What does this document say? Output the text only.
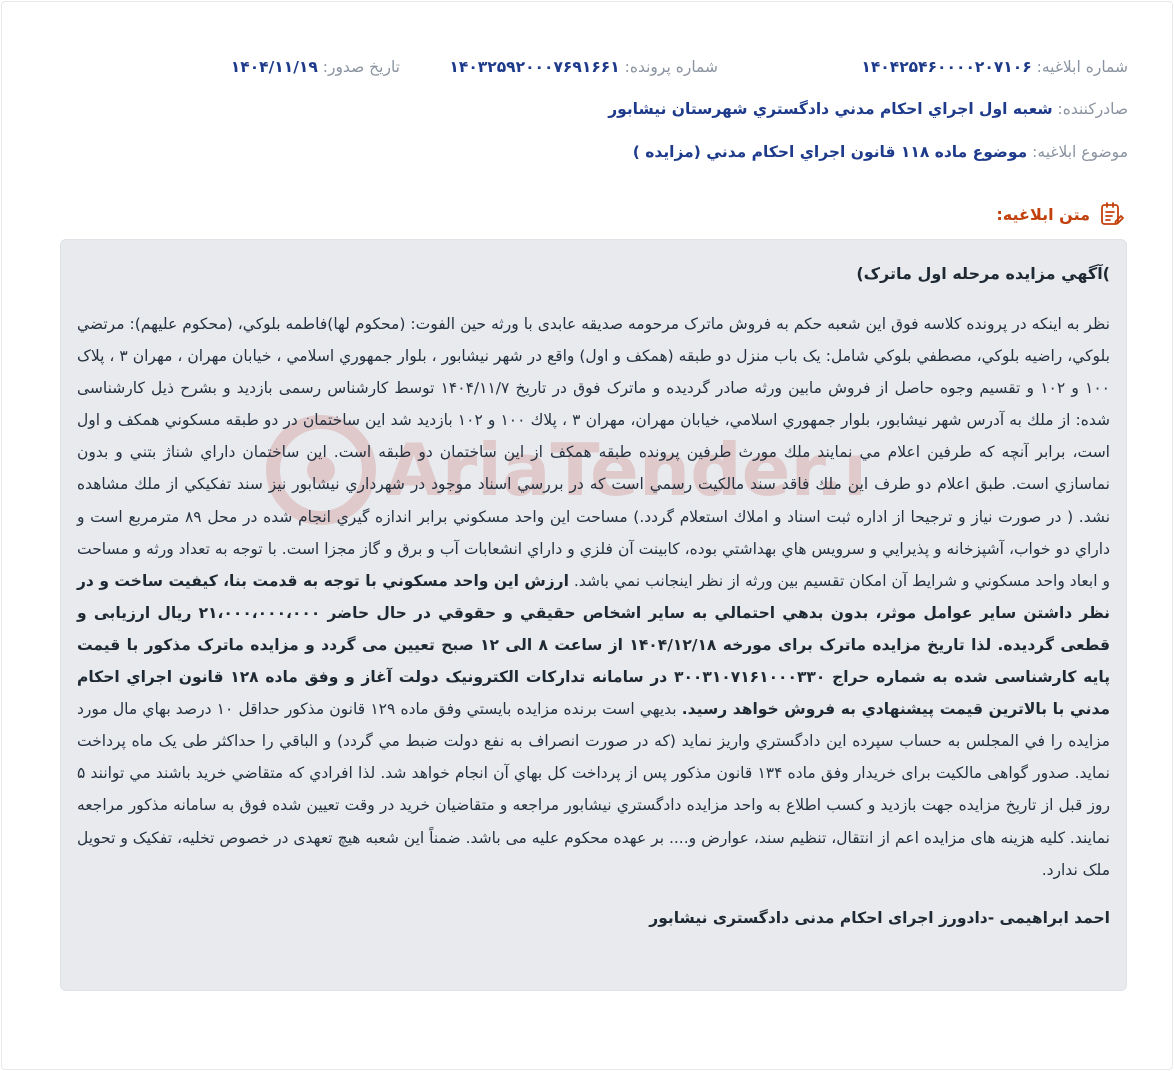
شماره ابلاغيه: ۱۴۰۴۲۵۴۶۰۰۰۰۲۰۷۱۰۶
شماره پرونده: ۱۴۰۳۲۵۹۲۰۰۰۷۶۹۱۶۶۱
تاريخ صدور: ۱۴۰۴/۱۱/۱۹
صادرکننده: شعبه اول اجراي احكام مدني دادگستري شهرستان نيشابور
موضوع ابلاغيه: موضوع ماده ۱۱۸ قانون اجراي احكام مدني (مزايده )
متن ابلاغيه:
AriaTender.
)آگهي مزايده مرحله اول ماترک)
نظر به اينكه در پرونده كلاسه فوق اين شعبه حكم به فروش ماترک مرحومه صدیقه عابدی با ورثه حين الفوت: (محكوم لها)فاطمه بلوكي، (محكوم عليهم): مرتضي بلوكي، راضيه بلوكي، مصطفي بلوكي شامل: یک باب منزل دو طبقه (همکف و اول) واقع در شهر نيشابور ، بلوار جمهوري اسلامي ، خيابان مهران ، مهران ۳ ، پلاک ۱۰۰ و ۱۰۲ و تقسيم وجوه حاصل از فروش مابين ورثه صادر گرديده و ماترک فوق در تاريخ ۱۴۰۴/۱۱/۷ توسط كارشناس رسمی بازدید و بشرح ذيل كارشناسی شده: از ملك به آدرس شهر نيشابور، بلوار جمهوري اسلامي، خيابان مهران، مهران ۳ ، پلاك ۱۰۰ و ۱۰۲ بازديد شد اين ساختمان در دو طبقه مسكوني همكف و اول است، برابر آنچه كه طرفين اعلام مي نمايند ملك مورث طرفين پرونده طبقه همكف از اين ساختمان دو طبقه است. اين ساختمان داراي شناژ بتني و بدون نماسازي است. طبق اعلام دو طرف اين ملك فاقد سند مالكيت رسمي است كه در بررسي اسناد موجود در شهرداري نيشابور نيز سند تفكيكي از ملك مشاهده نشد. ( در صورت نياز و ترجيحا از اداره ثبت اسناد و املاك استعلام گردد.) مساحت اين واحد مسكوني برابر اندازه گيري انجام شده در محل ۸۹ مترمربع است و داراي دو خواب، آشپزخانه و پذيرايي و سرويس هاي بهداشتي بوده، كابينت آن فلزي و داراي انشعابات آب و برق و گاز مجزا است. با توجه به تعداد ورثه و مساحت و ابعاد واحد مسكوني و شرايط آن امكان تقسيم بين ورثه از نظر اينجانب نمي باشد. ارزش اين واحد مسكوني با توجه به قدمت بنا، كيفيت ساخت و در نظر داشتن ساير عوامل موثر، بدون بدهي احتمالي به ساير اشخاص حقيقي و حقوقي در حال حاضر ۲۱،۰۰۰،۰۰۰،۰۰۰ ريال ارزيابی و قطعی گرديده. لذا تاريخ مزايده ماترک برای مورخه ۱۴۰۴/۱۲/۱۸ از ساعت ۸ الی ۱۲ صبح تعيين می گردد و مزايده ماترک مذكور با قيمت پايه كارشناسی شده به شماره حراج ۳۰۰۳۱۰۷۱۶۱۰۰۰۳۳۰ در سامانه تداركات الكترونيک دولت آغاز و وفق ماده ۱۲۸ قانون اجراي احكام مدني با بالاترين قيمت پيشنهادي به فروش خواهد رسيد. بديهي است برنده مزايده بايستي وفق ماده ۱۲۹ قانون مذكور حداقل ۱۰ درصد بهاي مال مورد مزايده را في المجلس به حساب سپرده اين دادگستري واريز نمايد (كه در صورت انصراف به نفع دولت ضبط مي گردد) و الباقي را حداكثر طی يک ماه پرداخت نمايد. صدور گواهی مالكيت برای خريدار وفق ماده ۱۳۴ قانون مذكور پس از پرداخت كل بهاي آن انجام خواهد شد. لذا افرادي كه متقاضي خريد باشند مي توانند ۵ روز قبل از تاريخ مزايده جهت بازديد و كسب اطلاع به واحد مزايده دادگستري نيشابور مراجعه و متقاضيان خريد در وقت تعيين شده فوق به سامانه مذكور مراجعه نمايند. كليه هزينه های مزايده اعم از انتقال، تنظيم سند، عوارض و.... بر عهده محكوم عليه می باشد. ضمناً اين شعبه هيچ تعهدی در خصوص تخليه، تفكيک و تحويل ملک ندارد.
احمد ابراهيمی -دادورز اجرای احکام مدنی دادگستری نيشابور
